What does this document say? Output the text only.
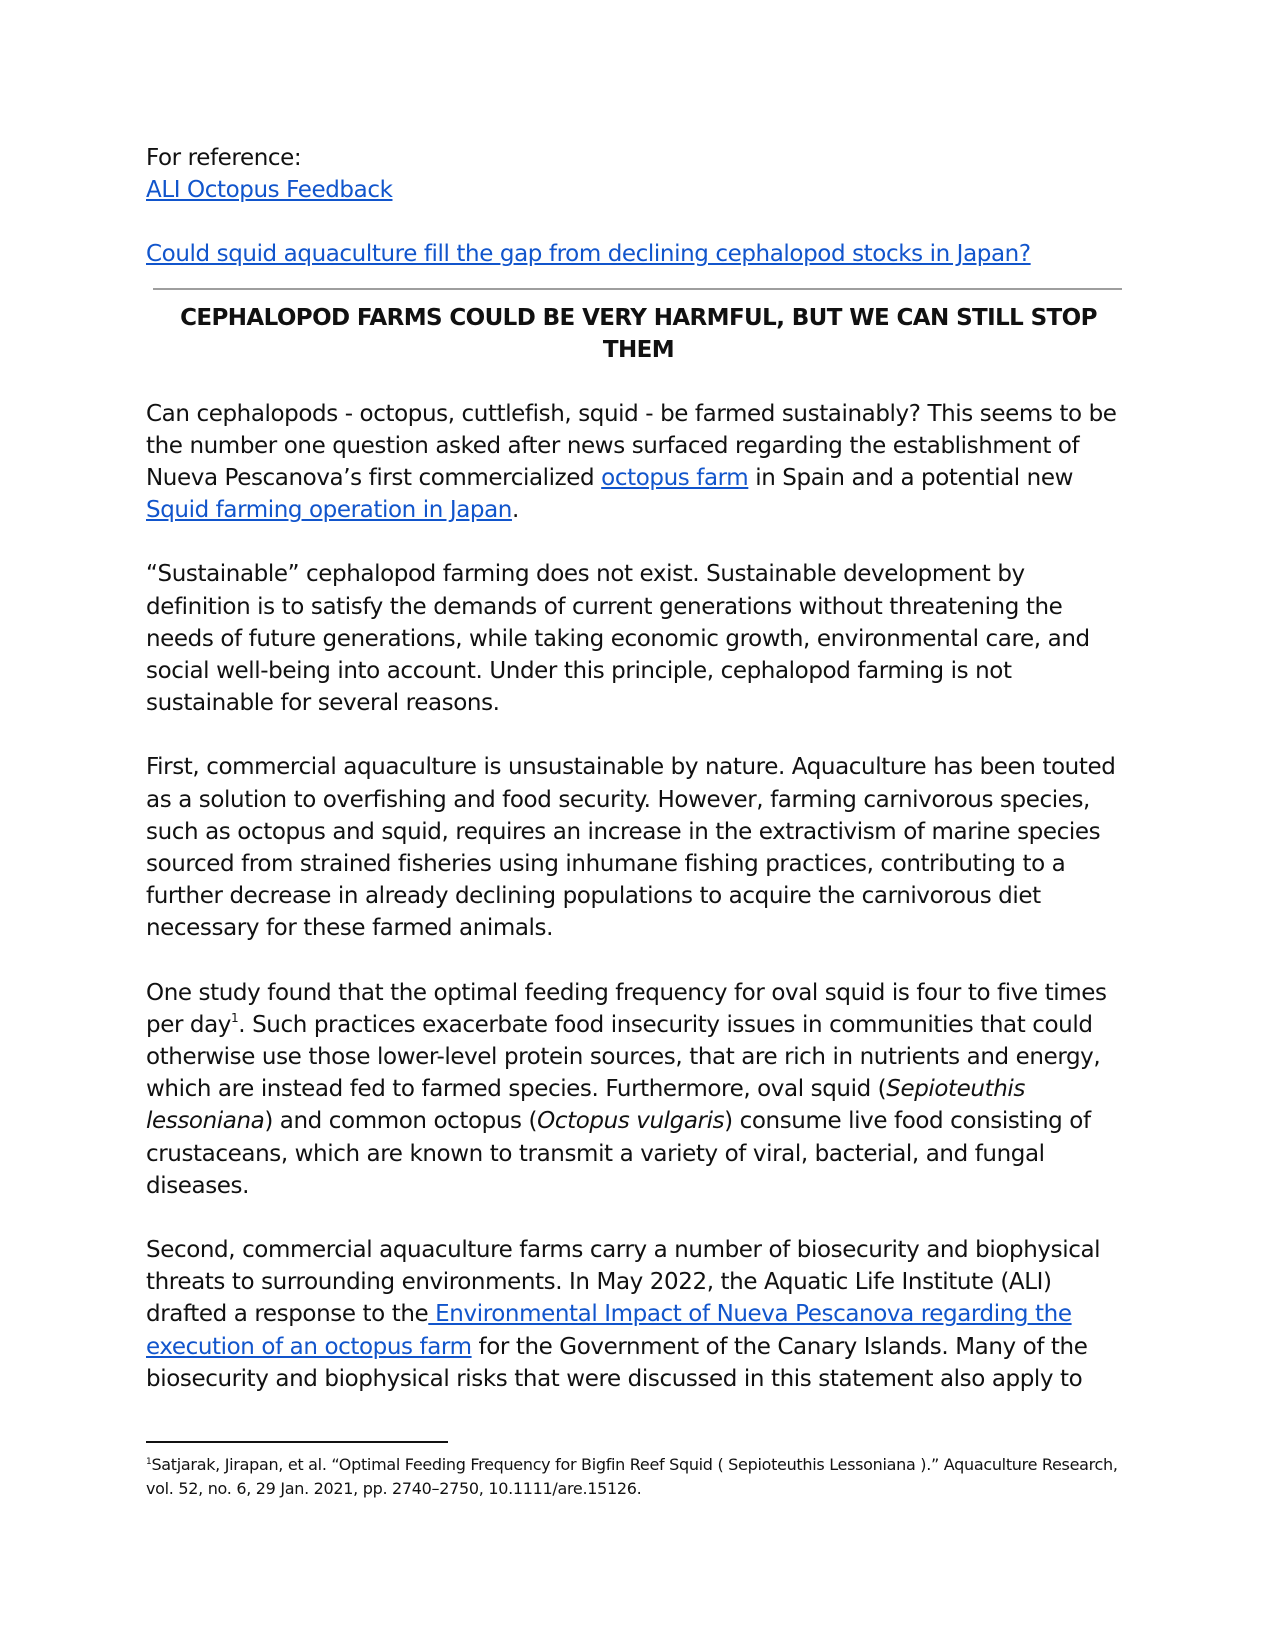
For reference:

ALI Octopus Feedback

Could squid aquaculture fill the gap from declining cephalopod stocks in Japan?

CEPHALOPOD FARMS COULD BE VERY HARMFUL, BUT WE CAN STILL STOP THEM

Can cephalopods - octopus, cuttlefish, squid - be farmed sustainably? This seems to be the number one question asked after news surfaced regarding the establishment of Nueva Pescanova’s first commercialized octopus farm in Spain and a potential new Squid farming operation in Japan.

“Sustainable” cephalopod farming does not exist. Sustainable development by definition is to satisfy the demands of current generations without threatening the needs of future generations, while taking economic growth, environmental care, and social well-being into account. Under this principle, cephalopod farming is not sustainable for several reasons.

First, commercial aquaculture is unsustainable by nature. Aquaculture has been touted as a solution to overfishing and food security. However, farming carnivorous species, such as octopus and squid, requires an increase in the extractivism of marine species sourced from strained fisheries using inhumane fishing practices, contributing to a further decrease in already declining populations to acquire the carnivorous diet necessary for these farmed animals.

One study found that the optimal feeding frequency for oval squid is four to five times per day$^1$. Such practices exacerbate food insecurity issues in communities that could otherwise use those lower-level protein sources, that are rich in nutrients and energy, which are instead fed to farmed species. Furthermore, oval squid (Sepioteuthis lessoniana) and common octopus (Octopus vulgaris) consume live food consisting of crustaceans, which are known to transmit a variety of viral, bacterial, and fungal diseases.

Second, commercial aquaculture farms carry a number of biosecurity and biophysical threats to surrounding environments. In May 2022, the Aquatic Life Institute (ALI) drafted a response to the Environmental Impact of Nueva Pescanova regarding the execution of an octopus farm for the Government of the Canary Islands. Many of the biosecurity and biophysical risks that were discussed in this statement also apply to

$^1$Satjarak, Jirapan, et al. “Optimal Feeding Frequency for Bigfin Reef Squid ( Sepioteuthis Lessoniana ).” Aquaculture Research, vol. 52, no. 6, 29 Jan. 2021, pp. 2740–2750, 10.1111/are.15126.
